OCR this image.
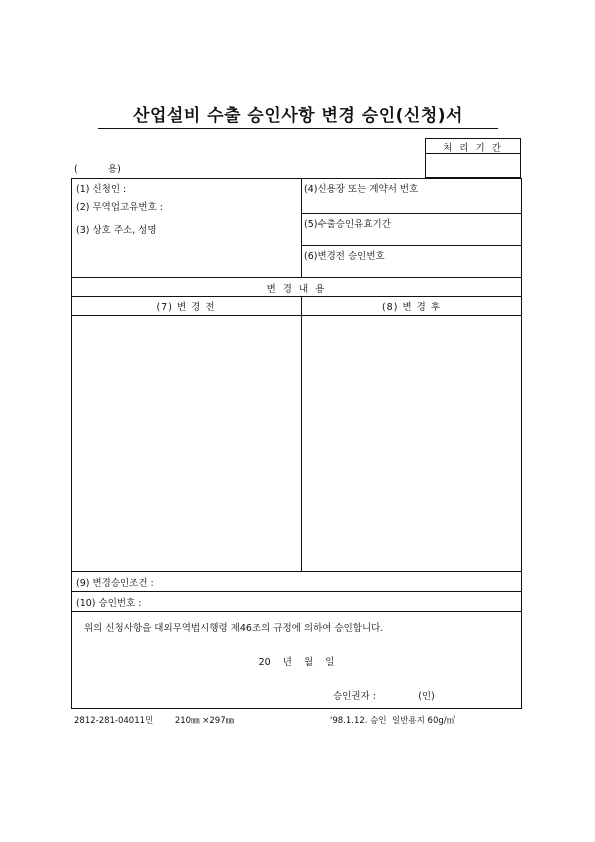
산업설비 수출 승인사항 변경 승인(신청)서
처 리 기 간
(          용)
(1) 신청인 :
(2) 무역업고유번호 :
(3) 상호 주소, 성명
(4)신용장 또는 계약서 번호
(5)수출승인유효기간
(6)변경전 승인번호
변 경 내 용
(7) 변 경 전	(8) 변 경 후
(9) 변경승인조건 :
(10) 승인번호 :
위의 신청사항을 대외무역법시행령 제46조의 규정에 의하여 승인합니다.
20    년    월    일
승인권자 :              (인)
2812-281-04011민        210㎜ ×297㎜	'98.1.12. 승인  일반용지 60g/㎡
